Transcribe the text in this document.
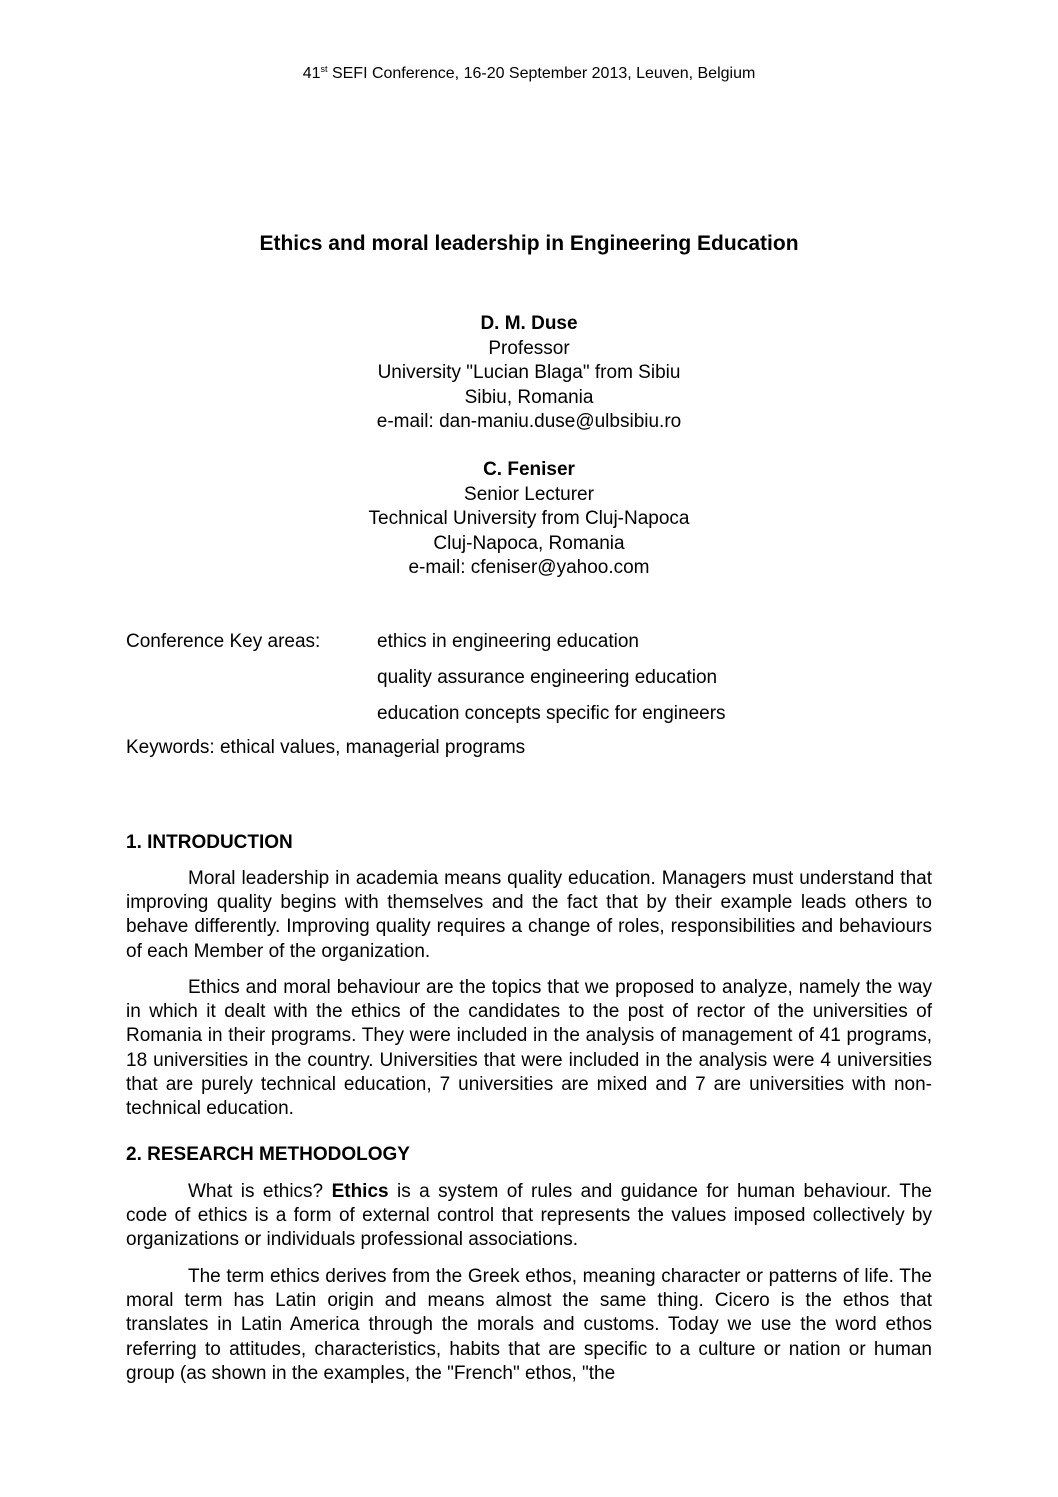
41st SEFI Conference, 16-20 September 2013, Leuven, Belgium
Ethics and moral leadership in Engineering Education
D. M. Duse
Professor
University "Lucian Blaga" from Sibiu
Sibiu, Romania
e-mail: dan-maniu.duse@ulbsibiu.ro
C. Feniser
Senior Lecturer
Technical University from Cluj-Napoca
Cluj-Napoca, Romania
e-mail: cfeniser@yahoo.com
Conference Key areas:	ethics in engineering education
quality assurance engineering education
education concepts specific for engineers
Keywords: ethical values, managerial programs
1. INTRODUCTION

Moral leadership in academia means quality education. Managers must understand that improving quality begins with themselves and the fact that by their example leads others to behave differently. Improving quality requires a change of roles, responsibilities and behaviours of each Member of the organization.

Ethics and moral behaviour are the topics that we proposed to analyze, namely the way in which it dealt with the ethics of the candidates to the post of rector of the universities of Romania in their programs. They were included in the analysis of management of 41 programs, 18 universities in the country. Universities that were included in the analysis were 4 universities that are purely technical education, 7 universities are mixed and 7 are universities with non-technical education.

2. RESEARCH METHODOLOGY

What is ethics? Ethics is a system of rules and guidance for human behaviour. The code of ethics is a form of external control that represents the values imposed collectively by organizations or individuals professional associations.

The term ethics derives from the Greek ethos, meaning character or patterns of life. The moral term has Latin origin and means almost the same thing. Cicero is the ethos that translates in Latin America through the morals and customs. Today we use the word ethos referring to attitudes, characteristics, habits that are specific to a culture or nation or human group (as shown in the examples, the "French" ethos, "the
